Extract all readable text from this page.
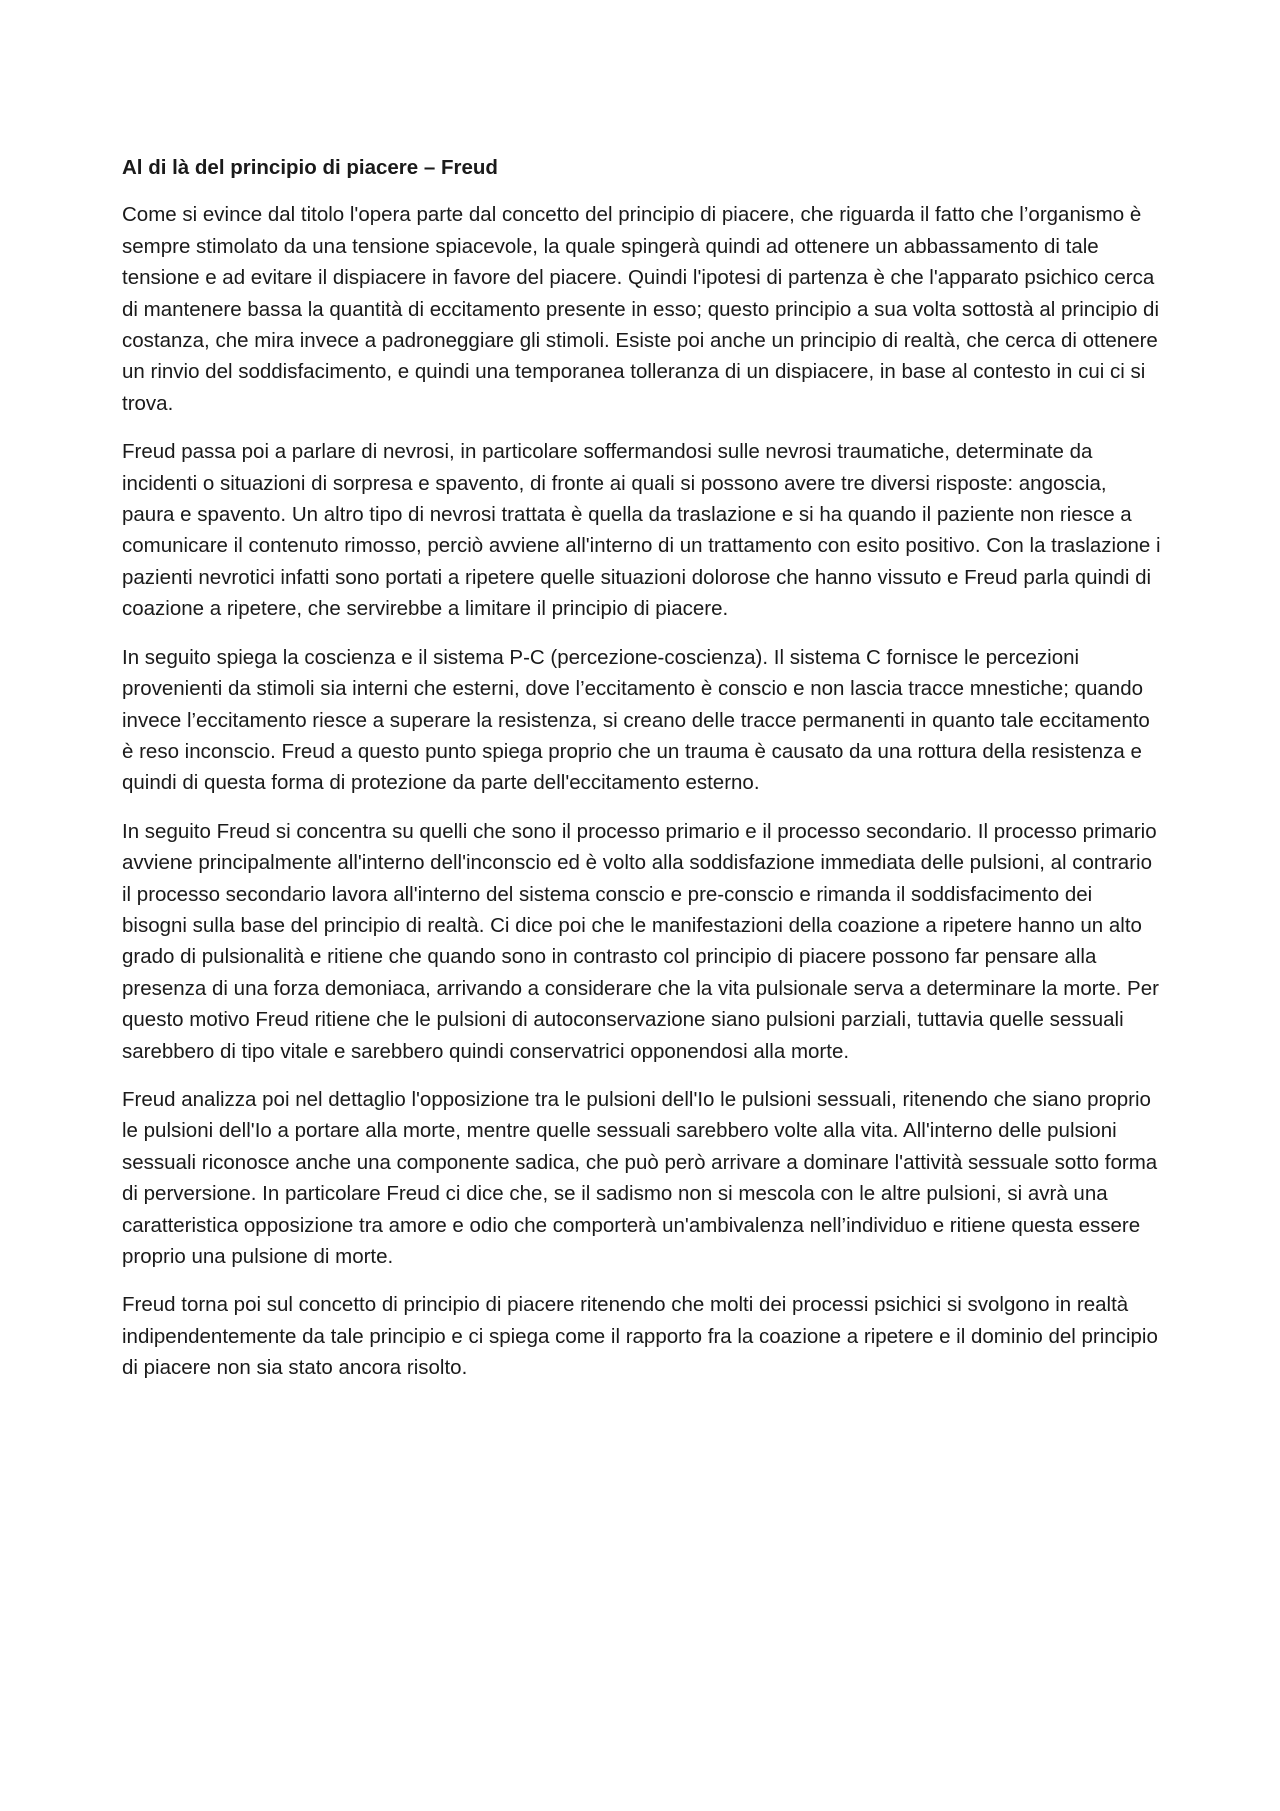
Al di là del principio di piacere – Freud

Come si evince dal titolo l'opera parte dal concetto del principio di piacere, che riguarda il fatto che l’organismo è sempre stimolato da una tensione spiacevole, la quale spingerà quindi ad ottenere un abbassamento di tale tensione e ad evitare il dispiacere in favore del piacere. Quindi l'ipotesi di partenza è che l'apparato psichico cerca di mantenere bassa la quantità di eccitamento presente in esso; questo principio a sua volta sottostà al principio di costanza, che mira invece a padroneggiare gli stimoli. Esiste poi anche un principio di realtà, che cerca di ottenere un rinvio del soddisfacimento, e quindi una temporanea tolleranza di un dispiacere, in base al contesto in cui ci si trova.

Freud passa poi a parlare di nevrosi, in particolare soffermandosi sulle nevrosi traumatiche, determinate da incidenti o situazioni di sorpresa e spavento, di fronte ai quali si possono avere tre diversi risposte: angoscia, paura e spavento. Un altro tipo di nevrosi trattata è quella da traslazione e si ha quando il paziente non riesce a comunicare il contenuto rimosso, perciò avviene all'interno di un trattamento con esito positivo. Con la traslazione i pazienti nevrotici infatti sono portati a ripetere quelle situazioni dolorose che hanno vissuto e Freud parla quindi di coazione a ripetere, che servirebbe a limitare il principio di piacere.

In seguito spiega la coscienza e il sistema P-C (percezione-coscienza). Il sistema C fornisce le percezioni provenienti da stimoli sia interni che esterni, dove l’eccitamento è conscio e non lascia tracce mnestiche; quando invece l’eccitamento riesce a superare la resistenza, si creano delle tracce permanenti in quanto tale eccitamento è reso inconscio. Freud a questo punto spiega proprio che un trauma è causato da una rottura della resistenza e quindi di questa forma di protezione da parte dell'eccitamento esterno.

In seguito Freud si concentra su quelli che sono il processo primario e il processo secondario. Il processo primario avviene principalmente all'interno dell'inconscio ed è volto alla soddisfazione immediata delle pulsioni, al contrario il processo secondario lavora all'interno del sistema conscio e pre-conscio e rimanda il soddisfacimento dei bisogni sulla base del principio di realtà. Ci dice poi che le manifestazioni della coazione a ripetere hanno un alto grado di pulsionalità e ritiene che quando sono in contrasto col principio di piacere possono far pensare alla presenza di una forza demoniaca, arrivando a considerare che la vita pulsionale serva a determinare la morte. Per questo motivo Freud ritiene che le pulsioni di autoconservazione siano pulsioni parziali, tuttavia quelle sessuali sarebbero di tipo vitale e sarebbero quindi conservatrici opponendosi alla morte.

Freud analizza poi nel dettaglio l'opposizione tra le pulsioni dell'Io le pulsioni sessuali, ritenendo che siano proprio le pulsioni dell'Io a portare alla morte, mentre quelle sessuali sarebbero volte alla vita. All'interno delle pulsioni sessuali riconosce anche una componente sadica, che può però arrivare a dominare l'attività sessuale sotto forma di perversione. In particolare Freud ci dice che, se il sadismo non si mescola con le altre pulsioni, si avrà una caratteristica opposizione tra amore e odio che comporterà un'ambivalenza nell’individuo e ritiene questa essere proprio una pulsione di morte.

Freud torna poi sul concetto di principio di piacere ritenendo che molti dei processi psichici si svolgono in realtà indipendentemente da tale principio e ci spiega come il rapporto fra la coazione a ripetere e il dominio del principio di piacere non sia stato ancora risolto.
